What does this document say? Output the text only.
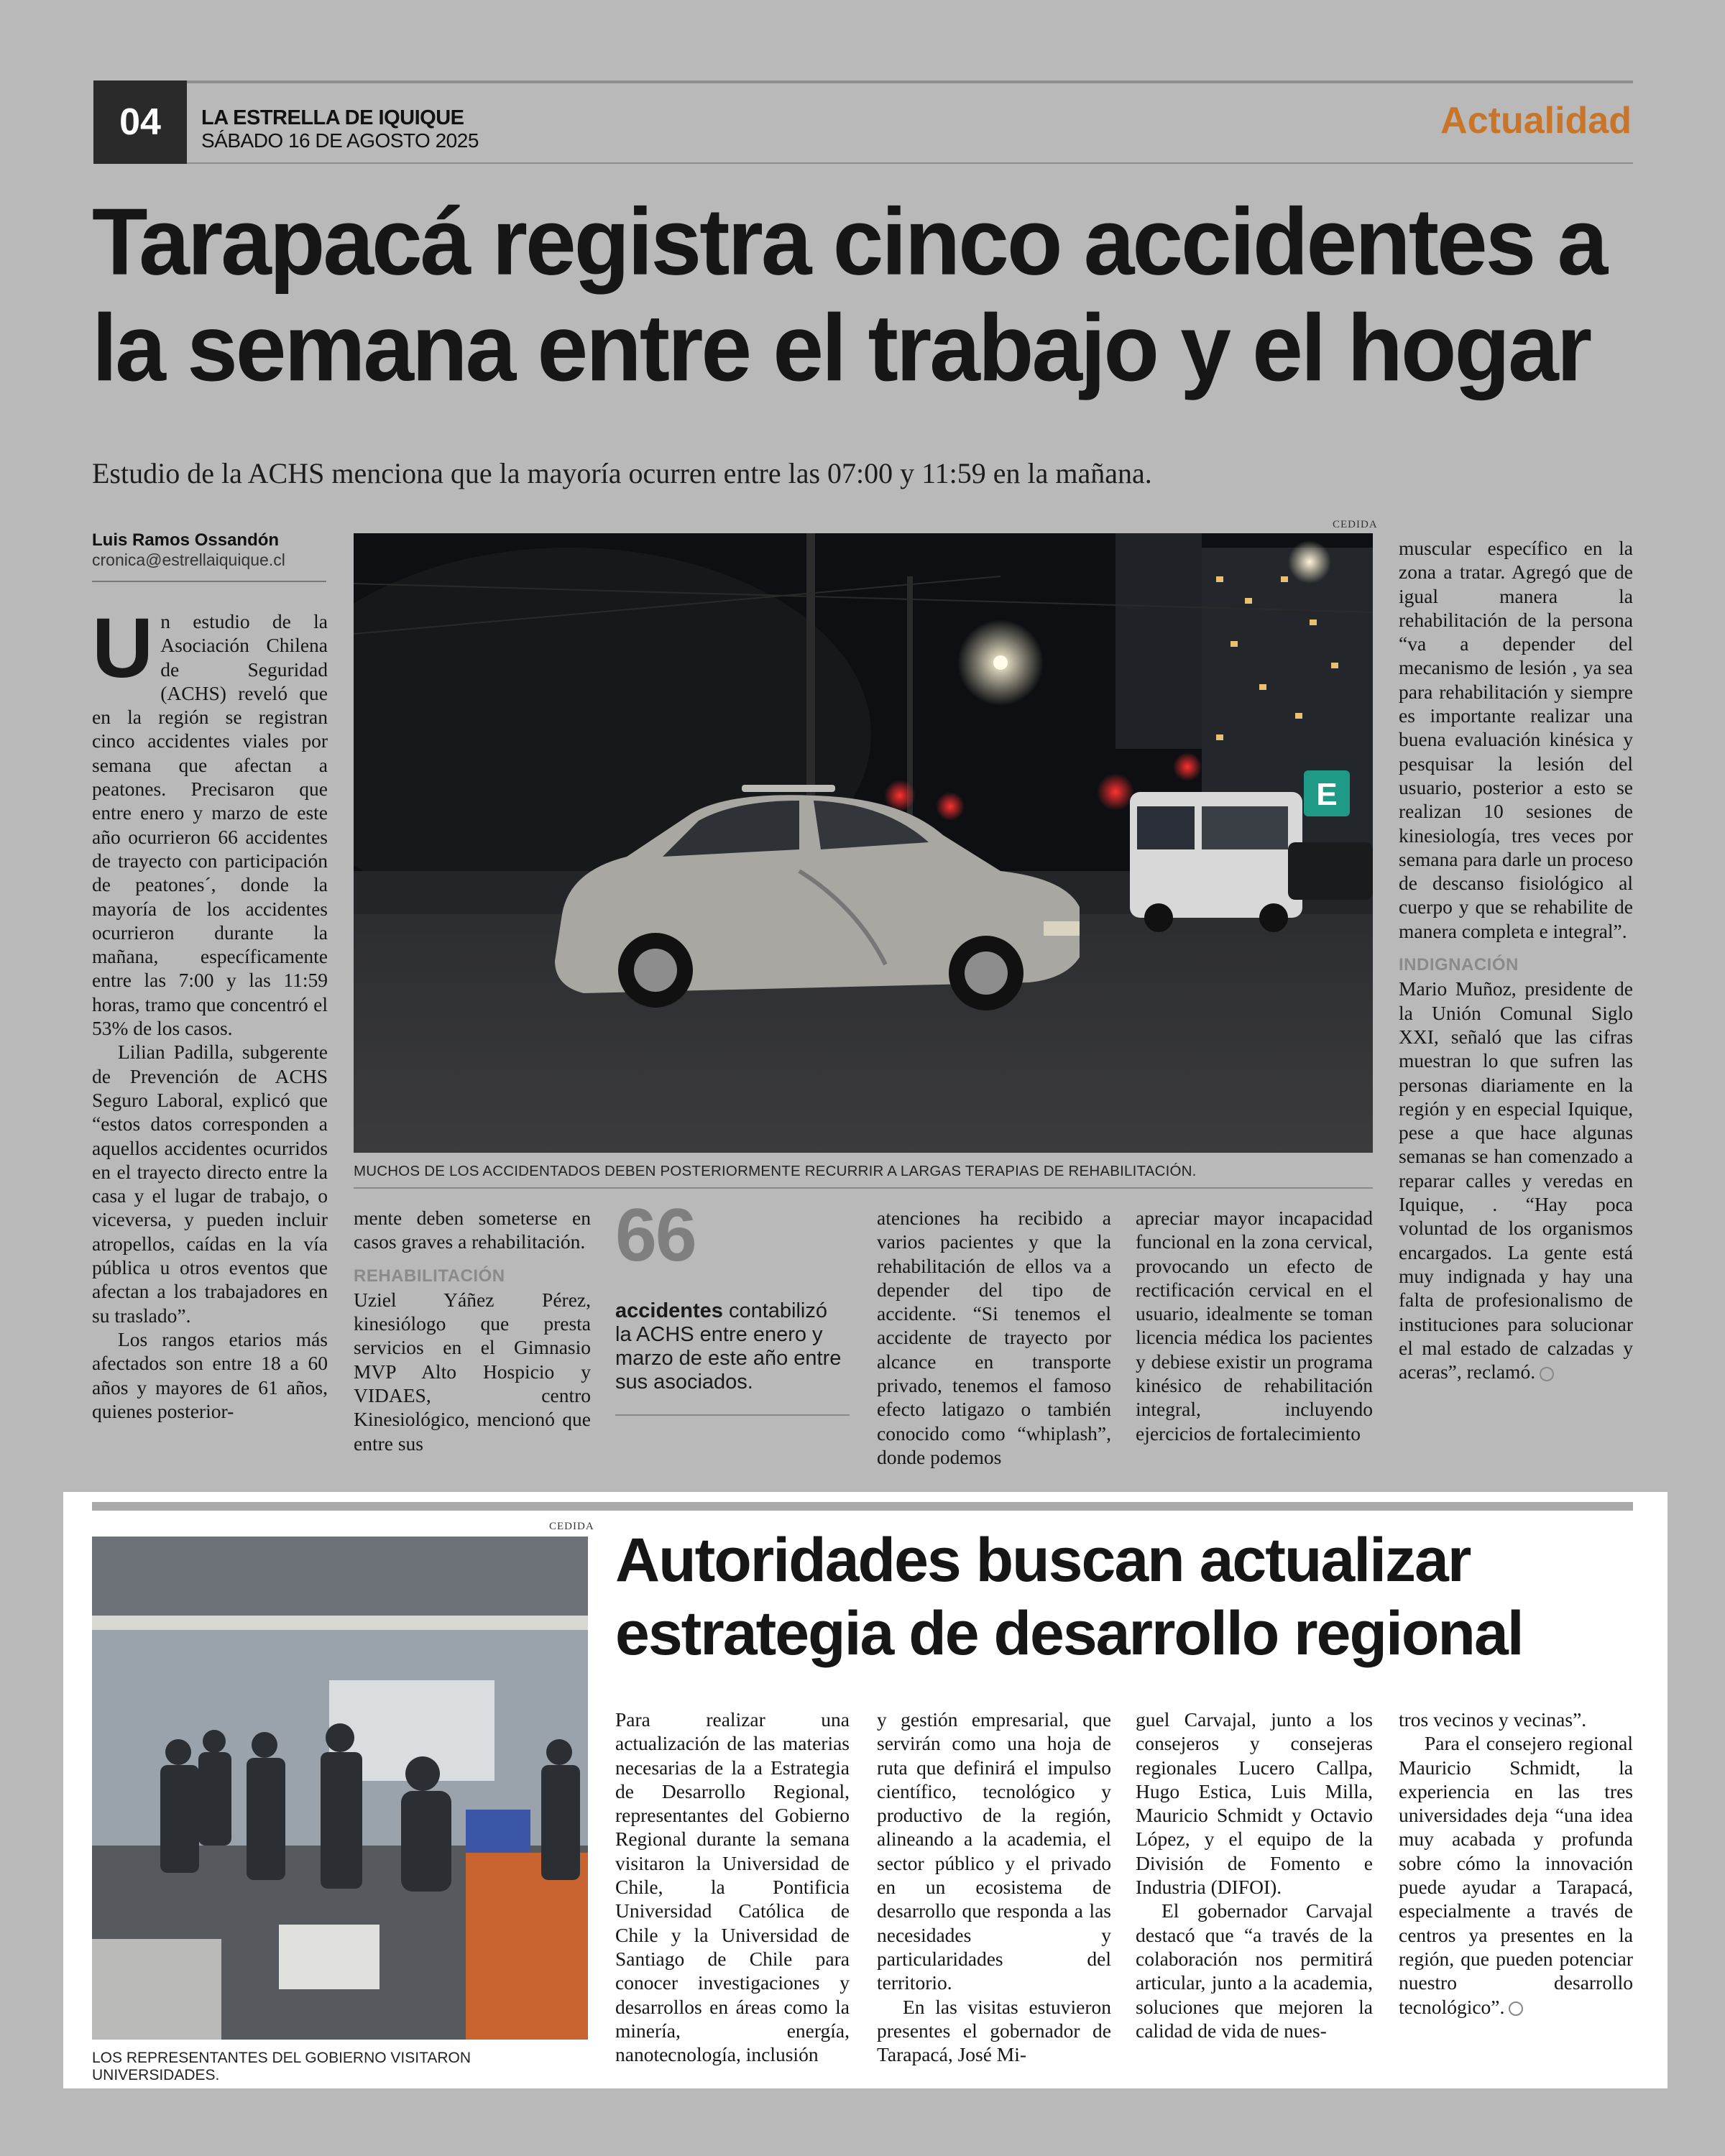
04	LA ESTRELLA DE IQUIQUE
SÁBADO 16 DE AGOSTO 2025	Actualidad
Tarapacá registra cinco accidentes a la semana entre el trabajo y el hogar
Estudio de la ACHS menciona que la mayoría ocurren entre las 07:00 y 11:59 en la mañana.
Luis Ramos Ossandón
cronica@estrellaiquique.cl

Un estudio de la Asociación Chilena de Seguridad (ACHS) reveló que en la región se registran cinco accidentes viales por semana que afectan a peatones. Precisaron que entre enero y marzo de este año ocurrieron 66 accidentes de trayecto con participación de peatones´, donde la mayoría de los accidentes ocurrieron durante la mañana, específicamente entre las 7:00 y las 11:59 horas, tramo que concentró el 53% de los casos.

Lilian Padilla, subgerente de Prevención de ACHS Seguro Laboral, explicó que “estos datos corresponden a aquellos accidentes ocurridos en el trayecto directo entre la casa y el lugar de trabajo, o viceversa, y pueden incluir atropellos, caídas en la vía pública u otros eventos que afectan a los trabajadores en su traslado”.

Los rangos etarios más afectados son entre 18 a 60 años y mayores de 61 años, quienes posterior-

CEDIDA
E
MUCHOS DE LOS ACCIDENTADOS DEBEN POSTERIORMENTE RECURRIR A LARGAS TERAPIAS DE REHABILITACIÓN.

mente deben someterse en casos graves a rehabilitación.

REHABILITACIÓN

Uziel Yáñez Pérez, kinesiólogo que presta servicios en el Gimnasio MVP Alto Hospicio y VIDAES, centro Kinesiológico, mencionó que entre sus

66
accidentes contabilizó la ACHS entre enero y marzo de este año entre sus asociados.

atenciones ha recibido a varios pacientes y que la rehabilitación de ellos va a depender del tipo de accidente. “Si tenemos el accidente de trayecto por alcance en transporte privado, tenemos el famoso efecto latigazo o también conocido como “whiplash”, donde podemos

apreciar mayor incapacidad funcional en la zona cervical, provocando un efecto de rectificación cervical en el usuario, idealmente se toman licencia médica los pacientes y debiese existir un programa kinésico de rehabilitación integral, incluyendo ejercicios de fortalecimiento

muscular específico en la zona a tratar. Agregó que de igual manera la rehabilitación de la persona “va a depender del mecanismo de lesión , ya sea para rehabilitación y siempre es importante realizar una buena evaluación kinésica y pesquisar la lesión del usuario, posterior a esto se realizan 10 sesiones de kinesiología, tres veces por semana para darle un proceso de descanso fisiológico al cuerpo y que se rehabilite de manera completa e integral”.

INDIGNACIÓN

Mario Muñoz, presidente de la Unión Comunal Siglo XXI, señaló que las cifras muestran lo que sufren las personas diariamente en la región y en especial Iquique, pese a que hace algunas semanas se han comenzado a reparar calles y veredas en Iquique, . “Hay poca voluntad de los organismos encargados. La gente está muy indignada y hay una falta de profesionalismo de instituciones para solucionar el mal estado de calzadas y aceras”, reclamó.

CEDIDA
LOS REPRESENTANTES DEL GOBIERNO VISITARON UNIVERSIDADES.
Autoridades buscan actualizar estrategia de desarrollo regional

Para realizar una actualización de las materias necesarias de la a Estrategia de Desarrollo Regional, representantes del Gobierno Regional durante la semana visitaron la Universidad de Chile, la Pontificia Universidad Católica de Chile y la Universidad de Santiago de Chile para conocer investigaciones y desarrollos en áreas como la minería, energía, nanotecnología, inclusión

y gestión empresarial, que servirán como una hoja de ruta que definirá el impulso científico, tecnológico y productivo de la región, alineando a la academia, el sector público y el privado en un ecosistema de desarrollo que responda a las necesidades y particularidades del territorio.

En las visitas estuvieron presentes el gobernador de Tarapacá, José Mi-

guel Carvajal, junto a los consejeros y consejeras regionales Lucero Callpa, Hugo Estica, Luis Milla, Mauricio Schmidt y Octavio López, y el equipo de la División de Fomento e Industria (DIFOI).

El gobernador Carvajal destacó que “a través de la colaboración nos permitirá articular, junto a la academia, soluciones que mejoren la calidad de vida de nues-

tros vecinos y vecinas”.

Para el consejero regional Mauricio Schmidt, la experiencia en las tres universidades deja “una idea muy acabada y profunda sobre cómo la innovación puede ayudar a Tarapacá, especialmente a través de centros ya presentes en la región, que pueden potenciar nuestro desarrollo tecnológico”.
